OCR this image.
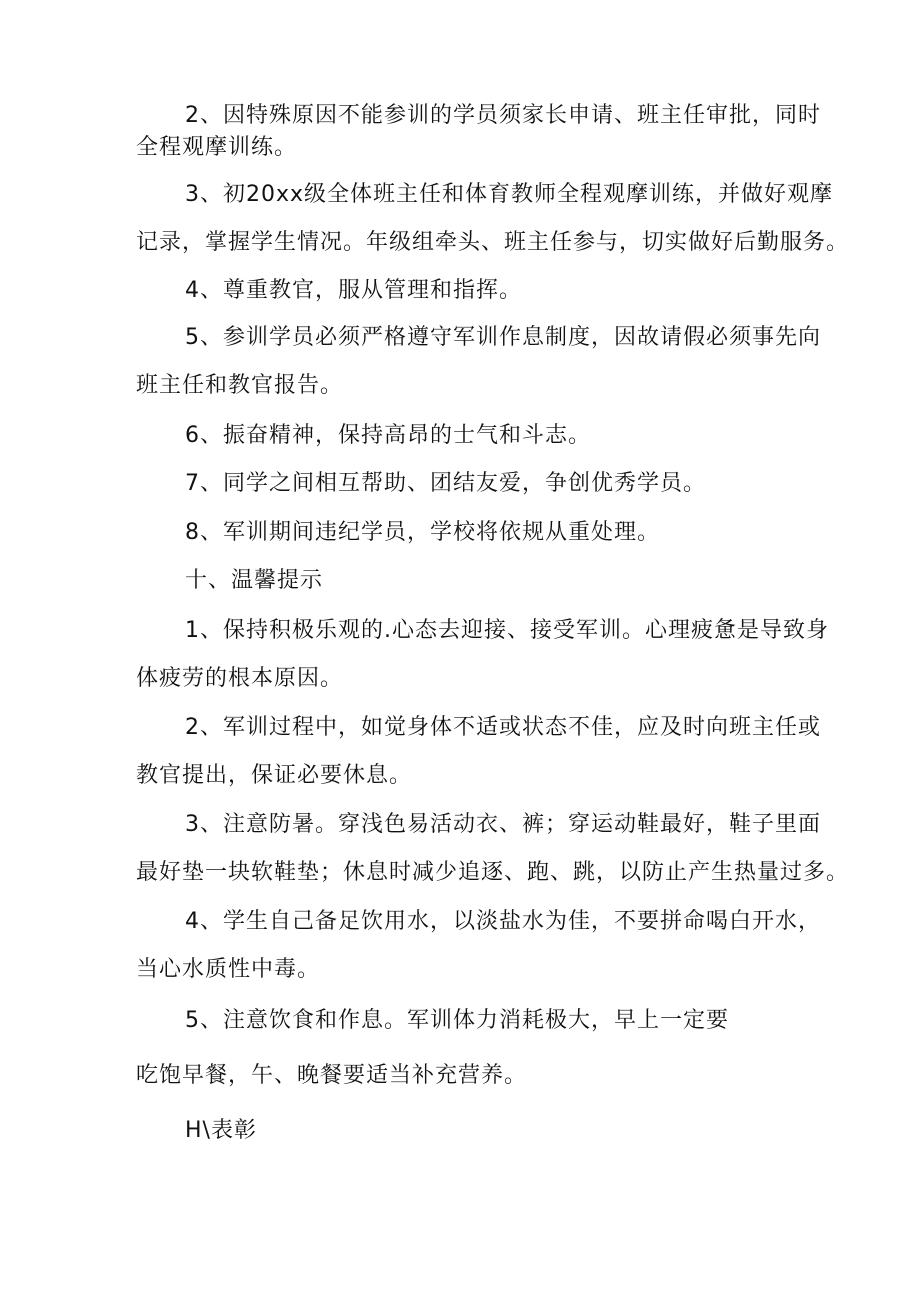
2、因特殊原因不能参训的学员须家长申请、班主任审批，同时
全程观摩训练。
3、初20xx级全体班主任和体育教师全程观摩训练，并做好观摩
记录，掌握学生情况。年级组牵头、班主任参与，切实做好后勤服务。
4、尊重教官，服从管理和指挥。
5、参训学员必须严格遵守军训作息制度，因故请假必须事先向
班主任和教官报告。
6、振奋精神，保持高昂的士气和斗志。
7、同学之间相互帮助、团结友爱，争创优秀学员。
8、军训期间违纪学员，学校将依规从重处理。
十、温馨提示
1、保持积极乐观的.心态去迎接、接受军训。心理疲惫是导致身
体疲劳的根本原因。
2、军训过程中，如觉身体不适或状态不佳，应及时向班主任或
教官提出，保证必要休息。
3、注意防暑。穿浅色易活动衣、裤；穿运动鞋最好，鞋子里面
最好垫一块软鞋垫；休息时减少追逐、跑、跳，以防止产生热量过多。
4、学生自己备足饮用水，以淡盐水为佳，不要拼命喝白开水，
当心水质性中毒。
5、注意饮食和作息。军训体力消耗极大，早上一定要
吃饱早餐，午、晚餐要适当补充营养。
H\表彰
